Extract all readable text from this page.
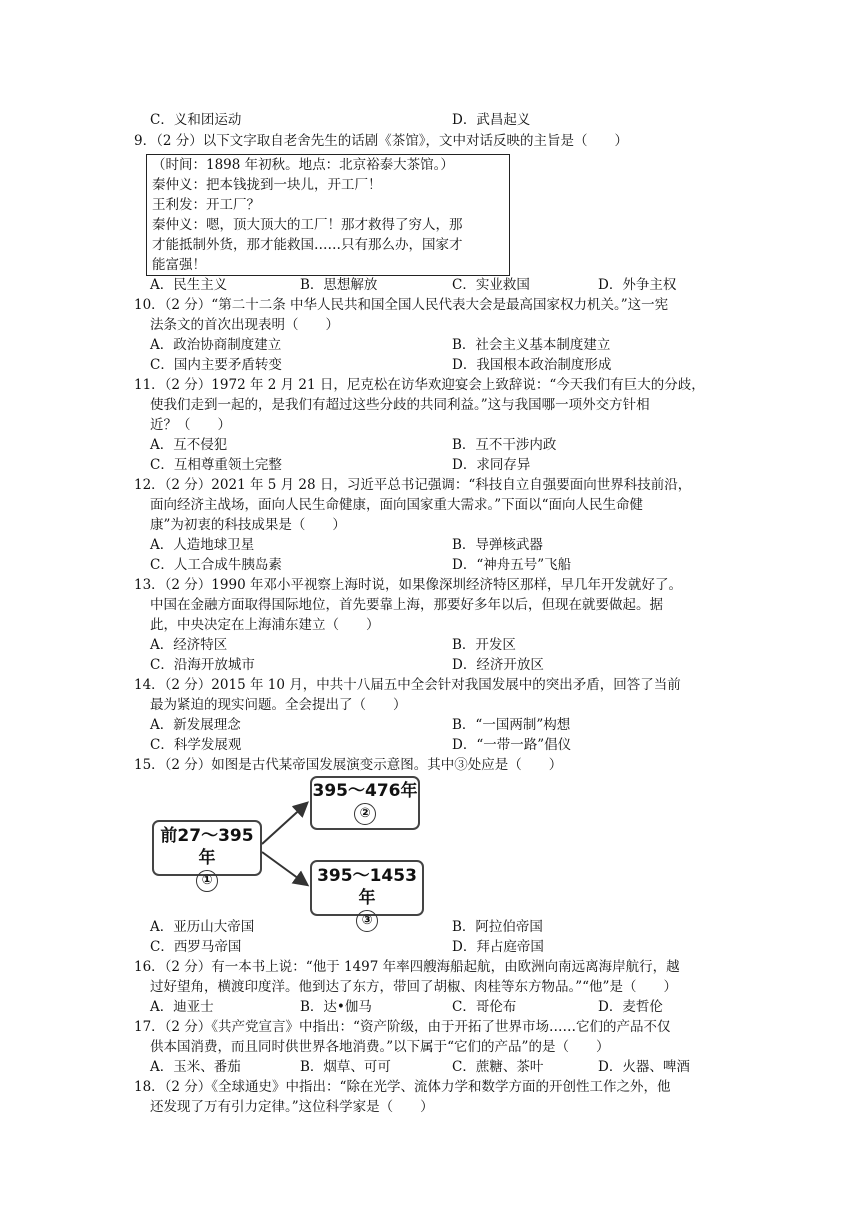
C．义和团运动	D．武昌起义
9．（2 分）以下文字取自老舍先生的话剧《茶馆》，文中对话反映的主旨是（　　）
（时间：1898 年初秋。地点：北京裕泰大茶馆。）
秦仲义：把本钱拢到一块儿，开工厂！
王利发：开工厂？
秦仲义：嗯，顶大顶大的工厂！那才救得了穷人，那
才能抵制外货，那才能救国……只有那么办，国家才
能富强！
A．民生主义	B．思想解放	C．实业救国	D．外争主权
10．（2 分）“第二十二条 中华人民共和国全国人民代表大会是最高国家权力机关。”这一宪
法条文的首次出现表明（　　）
A．政治协商制度建立	B．社会主义基本制度建立
C．国内主要矛盾转变	D．我国根本政治制度形成
11．（2 分）1972 年 2 月 21 日，尼克松在访华欢迎宴会上致辞说：“今天我们有巨大的分歧，
使我们走到一起的，是我们有超过这些分歧的共同利益。”这与我国哪一项外交方针相
近？（　　）
A．互不侵犯	B．互不干涉内政
C．互相尊重领土完整	D．求同存异
12．（2 分）2021 年 5 月 28 日，习近平总书记强调：“科技自立自强要面向世界科技前沿，
面向经济主战场，面向人民生命健康，面向国家重大需求。”下面以“面向人民生命健
康”为初衷的科技成果是（　　）
A．人造地球卫星	B．导弹核武器
C．人工合成牛胰岛素	D．“神舟五号”飞船
13．（2 分）1990 年邓小平视察上海时说，如果像深圳经济特区那样，早几年开发就好了。
中国在金融方面取得国际地位，首先要靠上海，那要好多年以后，但现在就要做起。据
此，中央决定在上海浦东建立（　　）
A．经济特区	B．开发区
C．沿海开放城市	D．经济开放区
14．（2 分）2015 年 10 月，中共十八届五中全会针对我国发展中的突出矛盾，回答了当前
最为紧迫的现实问题。全会提出了（　　）
A．新发展理念	B．“一国两制”构想
C．科学发展观	D．“一带一路”倡仪
15．（2 分）如图是古代某帝国发展演变示意图。其中③处应是（　　）
前27～395年
①
395～476年
②
395～1453年
③
A．亚历山大帝国	B．阿拉伯帝国
C．西罗马帝国	D．拜占庭帝国
16．（2 分）有一本书上说：“他于 1497 年率四艘海船起航，由欧洲向南远离海岸航行，越
过好望角，横渡印度洋。他到达了东方，带回了胡椒、肉桂等东方物品。”“他”是（　　）
A．迪亚士	B．达•伽马	C．哥伦布	D．麦哲伦
17．（2 分）《共产党宣言》中指出：“资产阶级，由于开拓了世界市场……它们的产品不仅
供本国消费，而且同时供世界各地消费。”以下属于“它们的产品”的是（　　）
A．玉米、番茄	B．烟草、可可	C．蔗糖、茶叶	D．火器、啤酒
18．（2 分）《全球通史》中指出：“除在光学、流体力学和数学方面的开创性工作之外，他
还发现了万有引力定律。”这位科学家是（　　）
